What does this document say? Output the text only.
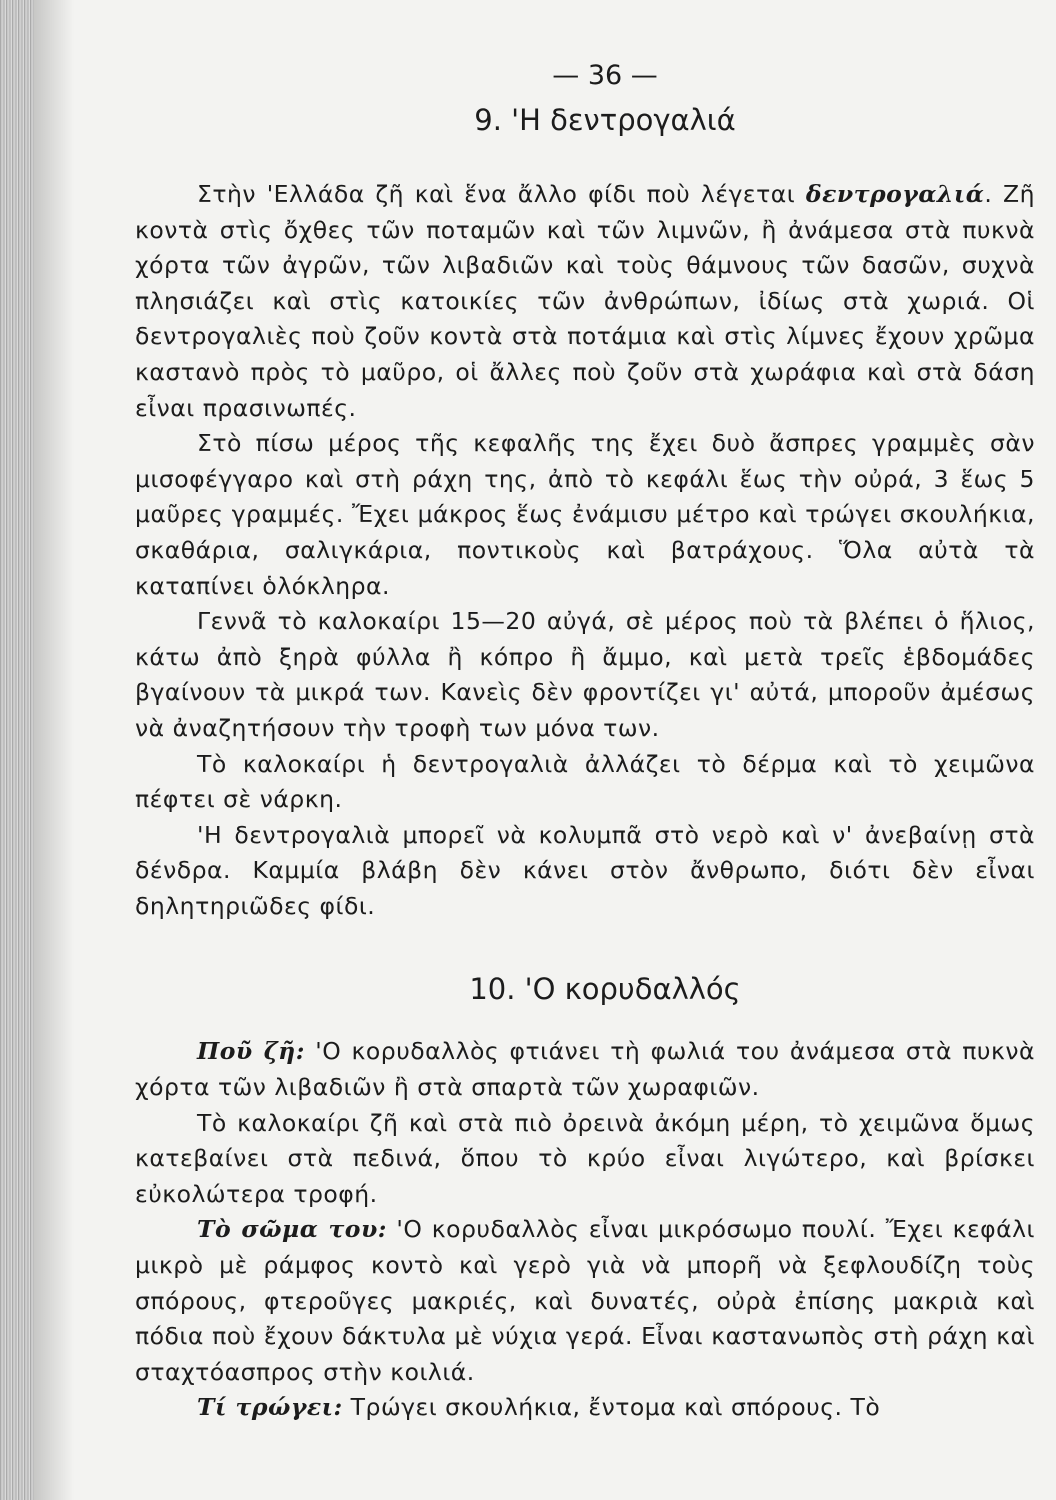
— 36 —
9. 'Η δεντρογαλιά

Στὴν 'Ελλάδα ζῆ καὶ ἕνα ἄλλο φίδι ποὺ λέγεται δεντρογαλιά. Ζῆ κοντὰ στὶς ὄχθες τῶν ποταμῶν καὶ τῶν λιμνῶν, ἢ ἀνάμεσα στὰ πυκνὰ χόρτα τῶν ἀγρῶν, τῶν λιβαδιῶν καὶ τοὺς θάμνους τῶν δασῶν, συχνὰ πλησιάζει καὶ στὶς κατοικίες τῶν ἀνθρώπων, ἰδίως στὰ χωριά. Οἱ δεντρογαλιὲς ποὺ ζοῦν κοντὰ στὰ ποτάμια καὶ στὶς λίμνες ἔχουν χρῶμα καστανὸ πρὸς τὸ μαῦρο, οἱ ἄλλες ποὺ ζοῦν στὰ χωράφια καὶ στὰ δάση εἶναι πρασινωπές.

Στὸ πίσω μέρος τῆς κεφαλῆς της ἔχει δυὸ ἄσπρες γραμμὲς σὰν μισοφέγγαρο καὶ στὴ ράχη της, ἀπὸ τὸ κεφάλι ἕως τὴν οὐρά, 3 ἕως 5 μαῦρες γραμμές. Ἔχει μάκρος ἕως ἐνάμισυ μέτρο καὶ τρώγει σκουλήκια, σκαθάρια, σαλιγκάρια, ποντικοὺς καὶ βατράχους. Ὅλα αὐτὰ τὰ καταπίνει ὁλόκληρα.

Γεννᾶ τὸ καλοκαίρι 15—20 αὐγά, σὲ μέρος ποὺ τὰ βλέπει ὁ ἥλιος, κάτω ἀπὸ ξηρὰ φύλλα ἢ κόπρο ἢ ἄμμο, καὶ μετὰ τρεῖς ἑβδομάδες βγαίνουν τὰ μικρά των. Κανεὶς δὲν φροντίζει γι' αὐτά, μποροῦν ἀμέσως νὰ ἀναζητήσουν τὴν τροφὴ των μόνα των.

Τὸ καλοκαίρι ἡ δεντρογαλιὰ ἀλλάζει τὸ δέρμα καὶ τὸ χειμῶνα πέφτει σὲ νάρκη.

'Η δεντρογαλιὰ μπορεῖ νὰ κολυμπᾶ στὸ νερὸ καὶ ν' ἀνεβαίνῃ στὰ δένδρα. Καμμία βλάβη δὲν κάνει στὸν ἄνθρωπο, διότι δὲν εἶναι δηλητηριῶδες φίδι.

10. 'Ο κορυδαλλός

Ποῦ ζῆ: 'Ο κορυδαλλὸς φτιάνει τὴ φωλιά του ἀνάμεσα στὰ πυκνὰ χόρτα τῶν λιβαδιῶν ἢ στὰ σπαρτὰ τῶν χωραφιῶν.

Τὸ καλοκαίρι ζῆ καὶ στὰ πιὸ ὀρεινὰ ἀκόμη μέρη, τὸ χειμῶνα ὅμως κατεβαίνει στὰ πεδινά, ὅπου τὸ κρύο εἶναι λιγώτερο, καὶ βρίσκει εὐκολώτερα τροφή.

Τὸ σῶμα του: 'Ο κορυδαλλὸς εἶναι μικρόσωμο πουλί. Ἔχει κεφάλι μικρὸ μὲ ράμφος κοντὸ καὶ γερὸ γιὰ νὰ μπορῆ νὰ ξεφλουδίζη τοὺς σπόρους, φτεροῦγες μακριές, καὶ δυνατές, οὐρὰ ἐπίσης μακριὰ καὶ πόδια ποὺ ἔχουν δάκτυλα μὲ νύχια γερά. Εἶναι καστανωπὸς στὴ ράχη καὶ σταχτόασπρος στὴν κοιλιά.

Τί τρώγει: Τρώγει σκουλήκια, ἔντομα καὶ σπόρους. Τὸ
